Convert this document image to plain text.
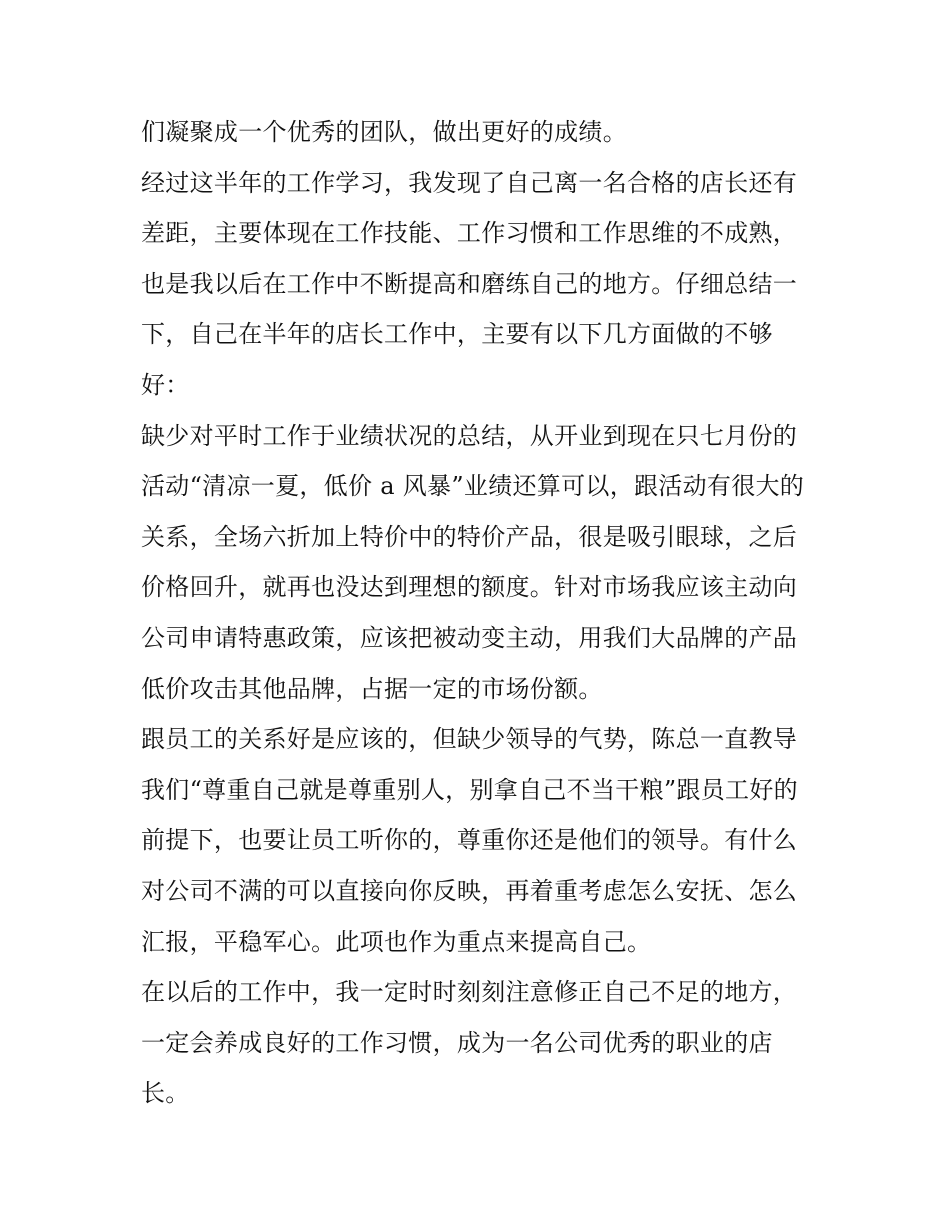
们凝聚成一个优秀的团队，做出更好的成绩。
经过这半年的工作学习，我发现了自己离一名合格的店长还有
差距，主要体现在工作技能、工作习惯和工作思维的不成熟，
也是我以后在工作中不断提高和磨练自己的地方。仔细总结一
下，自己在半年的店长工作中，主要有以下几方面做的不够
好：
缺少对平时工作于业绩状况的总结，从开业到现在只七月份的
活动“清凉一夏，低价 a 风暴”业绩还算可以，跟活动有很大的
关系，全场六折加上特价中的特价产品，很是吸引眼球，之后
价格回升，就再也没达到理想的额度。针对市场我应该主动向
公司申请特惠政策，应该把被动变主动，用我们大品牌的产品
低价攻击其他品牌，占据一定的市场份额。
跟员工的关系好是应该的，但缺少领导的气势，陈总一直教导
我们“尊重自己就是尊重别人，别拿自己不当干粮”跟员工好的
前提下，也要让员工听你的，尊重你还是他们的领导。有什么
对公司不满的可以直接向你反映，再着重考虑怎么安抚、怎么
汇报，平稳军心。此项也作为重点来提高自己。
在以后的工作中，我一定时时刻刻注意修正自己不足的地方，
一定会养成良好的工作习惯，成为一名公司优秀的职业的店
长。
